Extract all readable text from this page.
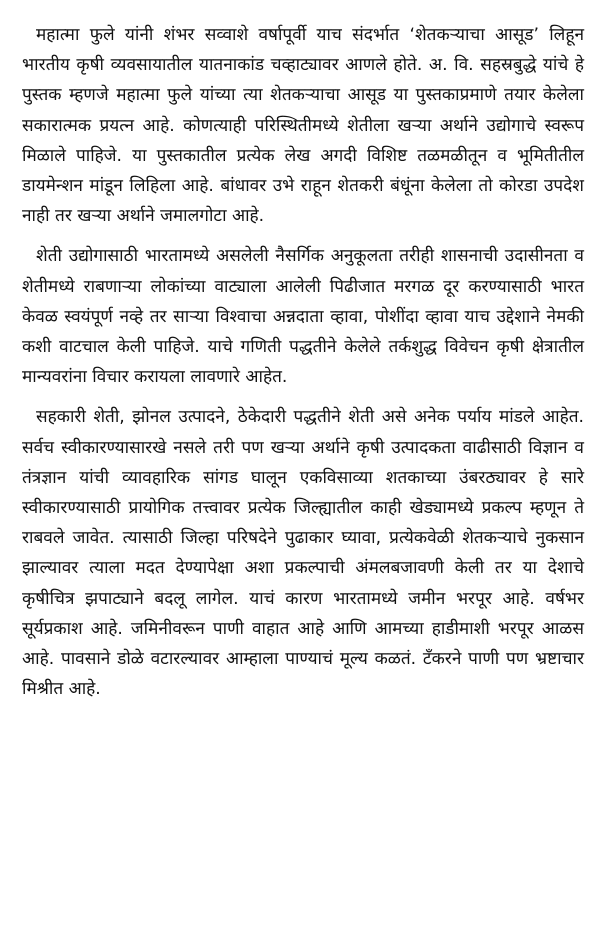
महात्मा फुले यांनी शंभर सव्वाशे वर्षापूर्वी याच संदर्भात ‘शेतकऱ्याचा आसूड’ लिहून भारतीय कृषी व्यवसायातील यातनाकांड चव्हाट्यावर आणले होते. अ. वि. सहस्रबुद्धे यांचे हे पुस्तक म्हणजे महात्मा फुले यांच्या त्या शेतकऱ्याचा आसूड या पुस्तकाप्रमाणे तयार केलेला सकारात्मक प्रयत्न आहे. कोणत्याही परिस्थितीमध्ये शेतीला खऱ्या अर्थाने उद्योगाचे स्वरूप मिळाले पाहिजे. या पुस्तकातील प्रत्येक लेख अगदी विशिष्ट तळमळीतून व भूमितीतील डायमेन्शन मांडून लिहिला आहे. बांधावर उभे राहून शेतकरी बंधूंना केलेला तो कोरडा उपदेश नाही तर खऱ्या अर्थाने जमालगोटा आहे.

शेती उद्योगासाठी भारतामध्ये असलेली नैसर्गिक अनुकूलता तरीही शासनाची उदासीनता व शेतीमध्ये राबणाऱ्या लोकांच्या वाट्याला आलेली पिढीजात मरगळ दूर करण्यासाठी भारत केवळ स्वयंपूर्ण नव्हे तर साऱ्या विश्वाचा अन्नदाता व्हावा, पोशींदा व्हावा याच उद्देशाने नेमकी कशी वाटचाल केली पाहिजे. याचे गणिती पद्धतीने केलेले तर्कशुद्ध विवेचन कृषी क्षेत्रातील मान्यवरांना विचार करायला लावणारे आहेत.

सहकारी शेती, झोनल उत्पादने, ठेकेदारी पद्धतीने शेती असे अनेक पर्याय मांडले आहेत. सर्वच स्वीकारण्यासारखे नसले तरी पण खऱ्या अर्थाने कृषी उत्पादकता वाढीसाठी विज्ञान व तंत्रज्ञान यांची व्यावहारिक सांगड घालून एकविसाव्या शतकाच्या उंबरठ्यावर हे सारे स्वीकारण्यासाठी प्रायोगिक तत्त्वावर प्रत्येक जिल्ह्यातील काही खेड्यामध्ये प्रकल्प म्हणून ते राबवले जावेत. त्यासाठी जिल्हा परिषदेने पुढाकार घ्यावा, प्रत्येकवेळी शेतकऱ्याचे नुकसान झाल्यावर त्याला मदत देण्यापेक्षा अशा प्रकल्पाची अंमलबजावणी केली तर या देशाचे कृषीचित्र झपाट्याने बदलू लागेल. याचं कारण भारतामध्ये जमीन भरपूर आहे. वर्षभर सूर्यप्रकाश आहे. जमिनीवरून पाणी वाहात आहे आणि आमच्या हाडीमाशी भरपूर आळस आहे. पावसाने डोळे वटारल्यावर आम्हाला पाण्याचं मूल्य कळतं. टँकरने पाणी पण भ्रष्टाचार मिश्रीत आहे.
